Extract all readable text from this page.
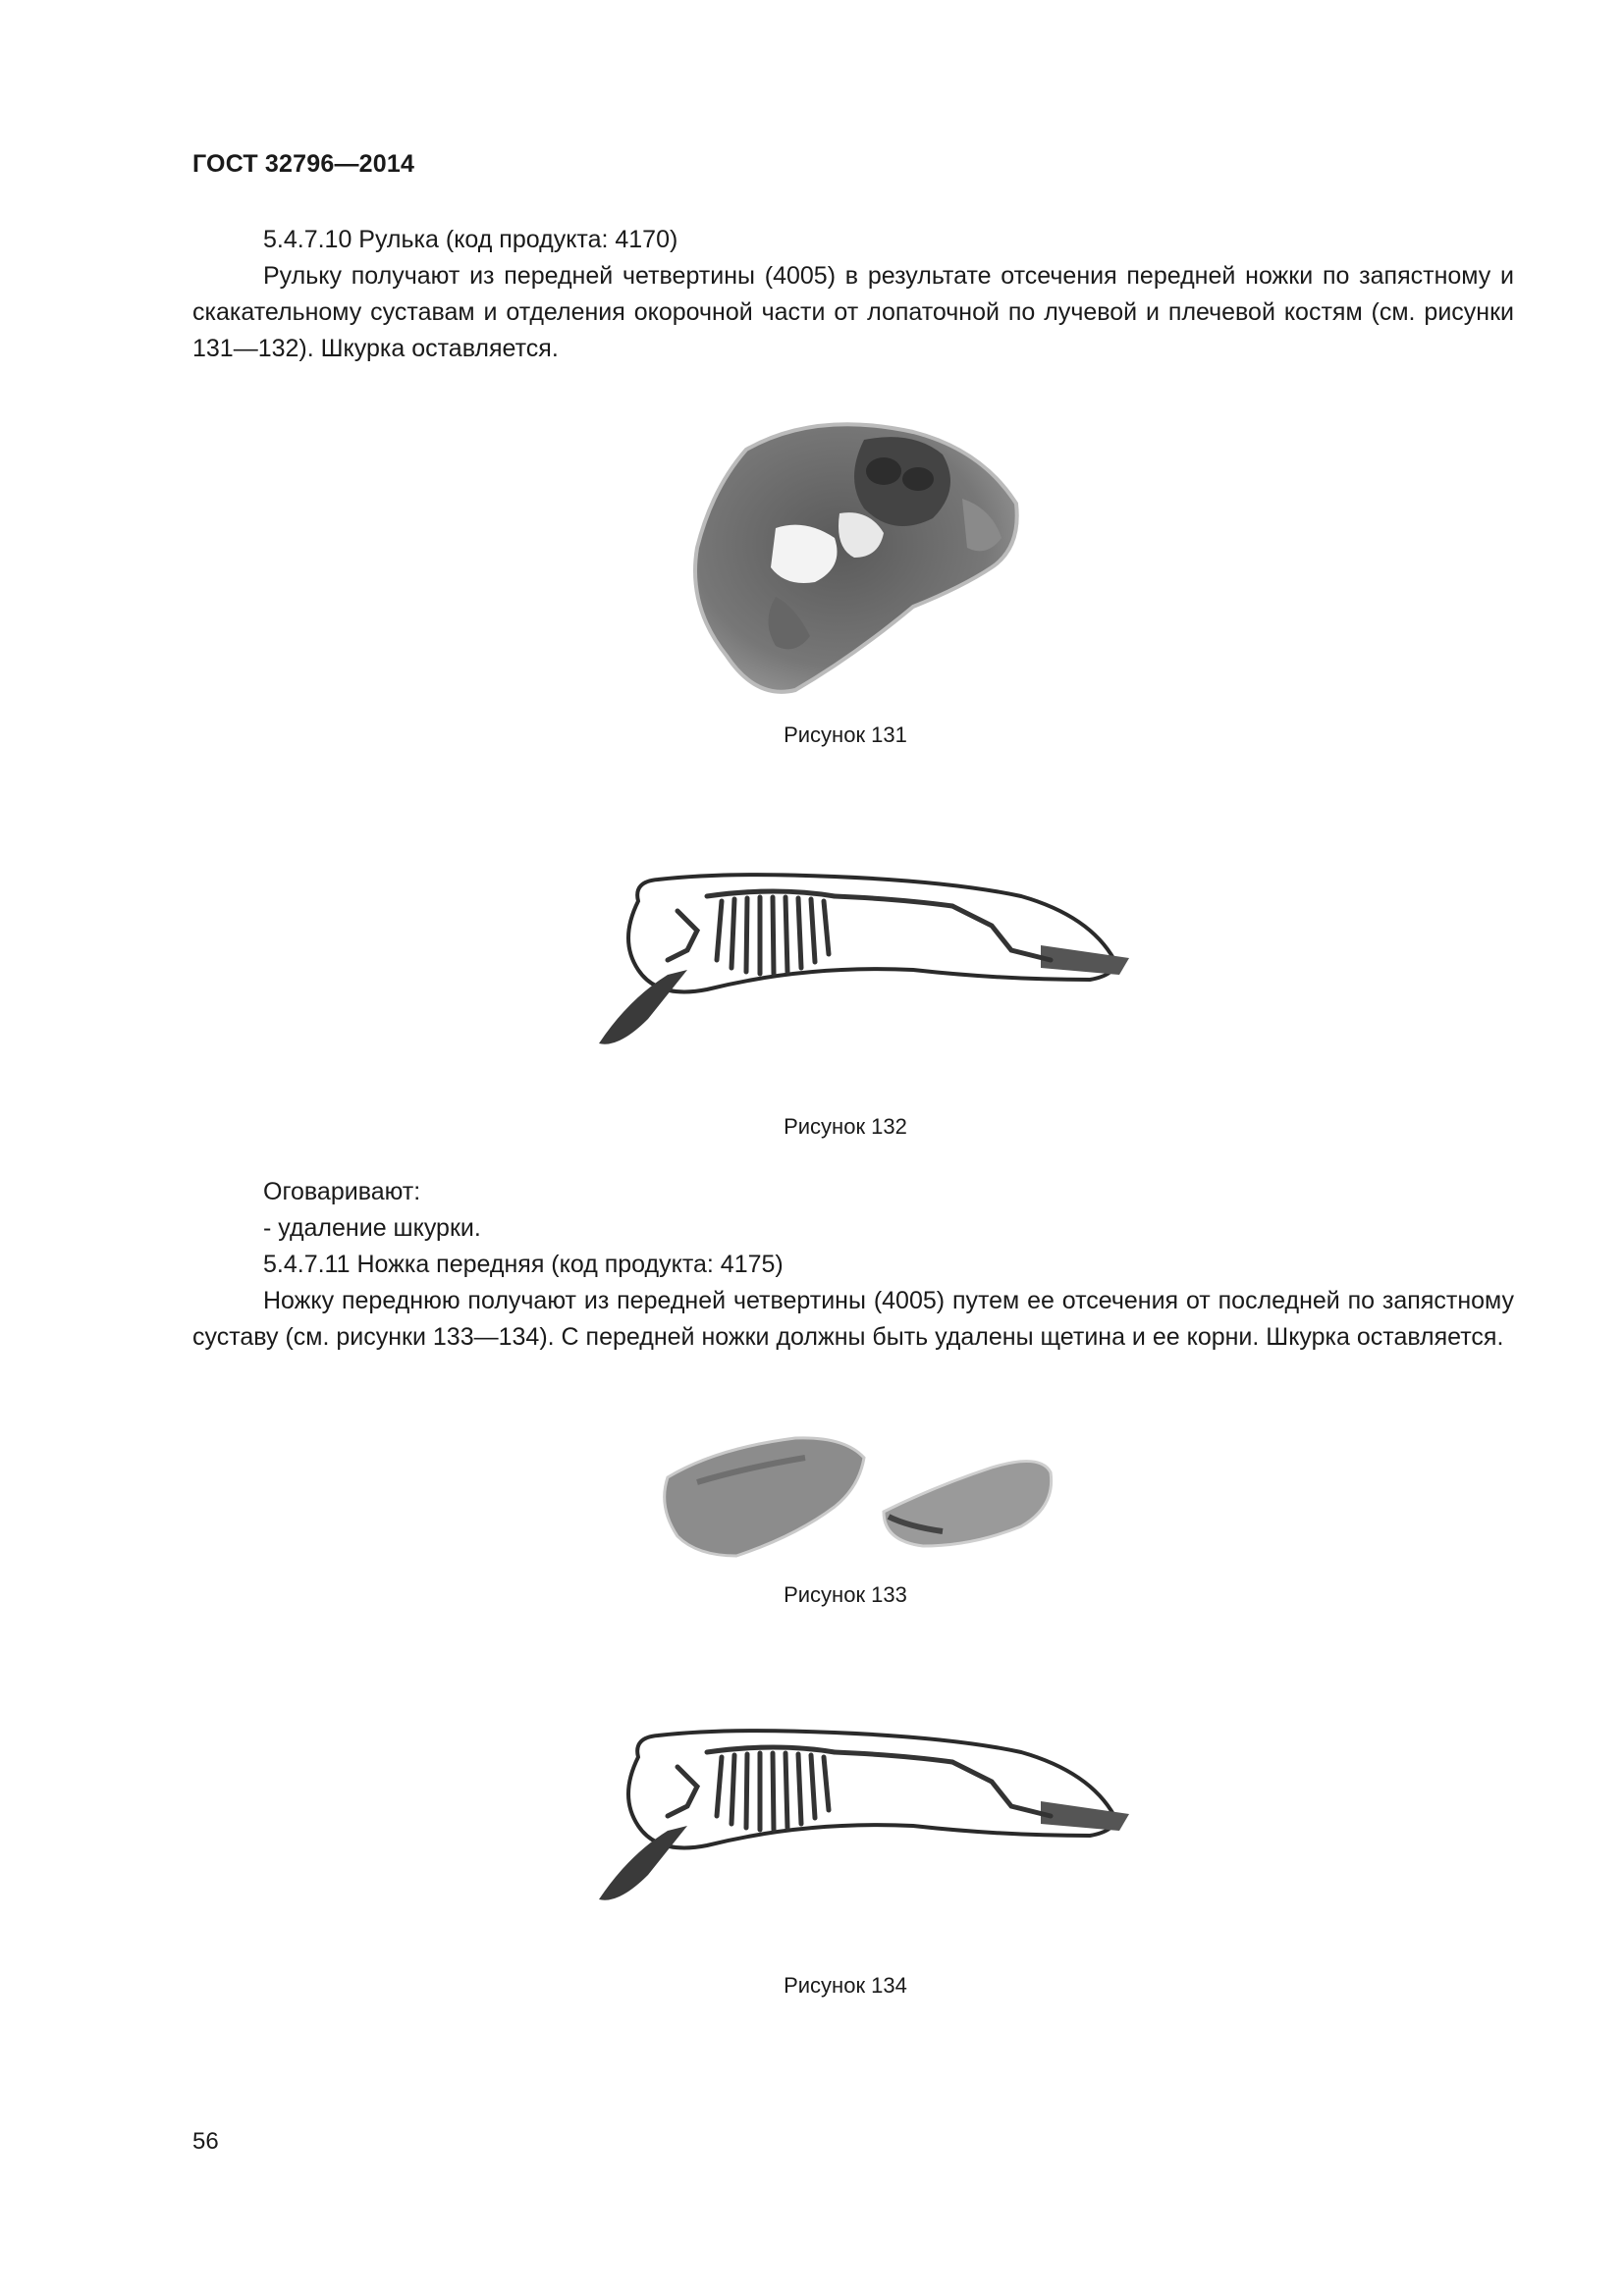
ГОСТ 32796—2014

5.4.7.10 Рулька (код продукта: 4170)

Рульку получают из передней четвертины (4005) в результате отсечения передней ножки по запястному и скакательному суставам и отделения окорочной части от лопаточной по лучевой и плечевой костям (см. рисунки 131—132). Шкурка оставляется.

Рисунок 131
Рисунок 132

Оговаривают:

- удаление шкурки.

5.4.7.11 Ножка передняя (код продукта: 4175)

Ножку переднюю получают из передней четвертины (4005) путем ее отсечения от последней по запястному суставу (см. рисунки 133—134). С передней ножки должны быть удалены щетина и ее корни. Шкурка оставляется.

Рисунок 133
Рисунок 134
56
